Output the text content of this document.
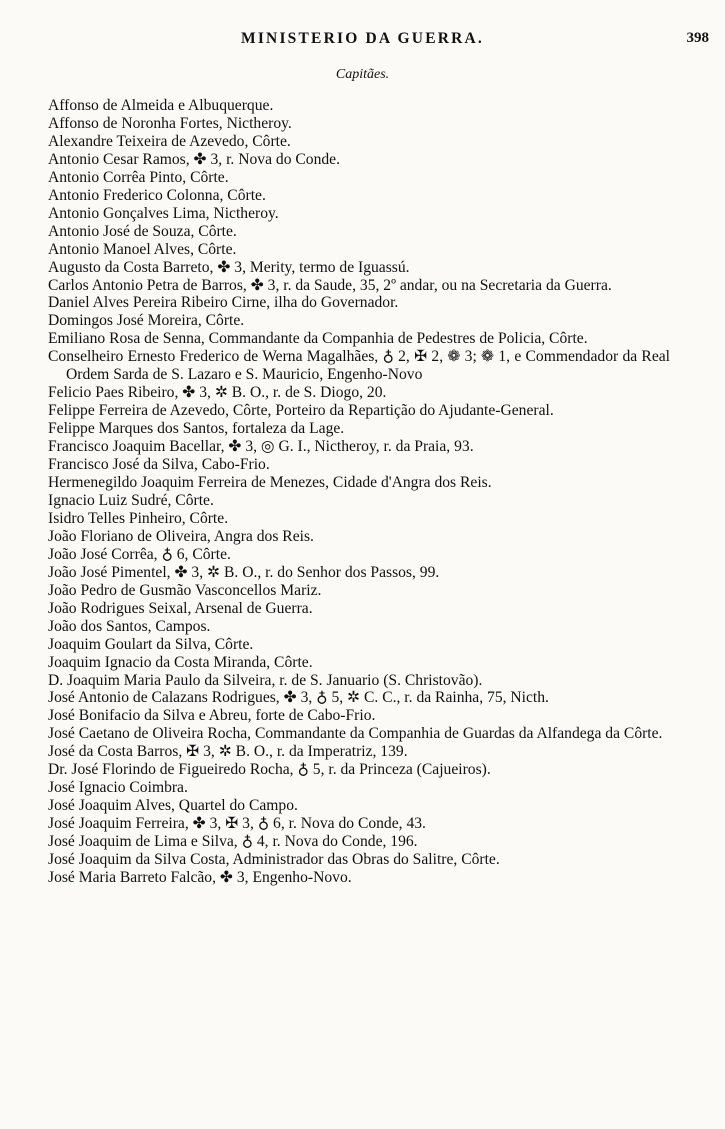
MINISTERIO DA GUERRA.	398
Capitães.
Affonso de Almeida e Albuquerque.
Affonso de Noronha Fortes, Nictheroy.
Alexandre Teixeira de Azevedo, Côrte.
Antonio Cesar Ramos, ✤ 3, r. Nova do Conde.
Antonio Corrêa Pinto, Côrte.
Antonio Frederico Colonna, Côrte.
Antonio Gonçalves Lima, Nictheroy.
Antonio José de Souza, Côrte.
Antonio Manoel Alves, Côrte.
Augusto da Costa Barreto, ✤ 3, Merity, termo de Iguassú.
Carlos Antonio Petra de Barros, ✤ 3, r. da Saude, 35, 2º andar, ou na Secretaria da Guerra.
Daniel Alves Pereira Ribeiro Cirne, ilha do Governador.
Domingos José Moreira, Côrte.
Emiliano Rosa de Senna, Commandante da Companhia de Pedestres de Policia, Côrte.
Conselheiro Ernesto Frederico de Werna Magalhães, ♁ 2, ✠ 2, ❁ 3; ❁ 1, e Commendador da Real Ordem Sarda de S. Lazaro e S. Mauricio, Engenho-Novo
Felicio Paes Ribeiro, ✤ 3, ✲ B. O., r. de S. Diogo, 20.
Felippe Ferreira de Azevedo, Côrte, Porteiro da Repartição do Ajudante-General.
Felippe Marques dos Santos, fortaleza da Lage.
Francisco Joaquim Bacellar, ✤ 3, ◎ G. I., Nictheroy, r. da Praia, 93.
Francisco José da Silva, Cabo-Frio.
Hermenegildo Joaquim Ferreira de Menezes, Cidade d'Angra dos Reis.
Ignacio Luiz Sudré, Côrte.
Isidro Telles Pinheiro, Côrte.
João Floriano de Oliveira, Angra dos Reis.
João José Corrêa, ♁ 6, Côrte.
João José Pimentel, ✤ 3, ✲ B. O., r. do Senhor dos Passos, 99.
João Pedro de Gusmão Vasconcellos Mariz.
João Rodrigues Seixal, Arsenal de Guerra.
João dos Santos, Campos.
Joaquim Goulart da Silva, Côrte.
Joaquim Ignacio da Costa Miranda, Côrte.
D. Joaquim Maria Paulo da Silveira, r. de S. Januario (S. Christovão).
José Antonio de Calazans Rodrigues, ✤ 3, ♁ 5, ✲ C. C., r. da Rainha, 75, Nicth.
José Bonifacio da Silva e Abreu, forte de Cabo-Frio.
José Caetano de Oliveira Rocha, Commandante da Companhia de Guardas da Alfandega da Côrte.
José da Costa Barros, ✠ 3, ✲ B. O., r. da Imperatriz, 139.
Dr. José Florindo de Figueiredo Rocha, ♁ 5, r. da Princeza (Cajueiros).
José Ignacio Coimbra.
José Joaquim Alves, Quartel do Campo.
José Joaquim Ferreira, ✤ 3, ✠ 3, ♁ 6, r. Nova do Conde, 43.
José Joaquim de Lima e Silva, ♁ 4, r. Nova do Conde, 196.
José Joaquim da Silva Costa, Administrador das Obras do Salitre, Côrte.
José Maria Barreto Falcão, ✤ 3, Engenho-Novo.
